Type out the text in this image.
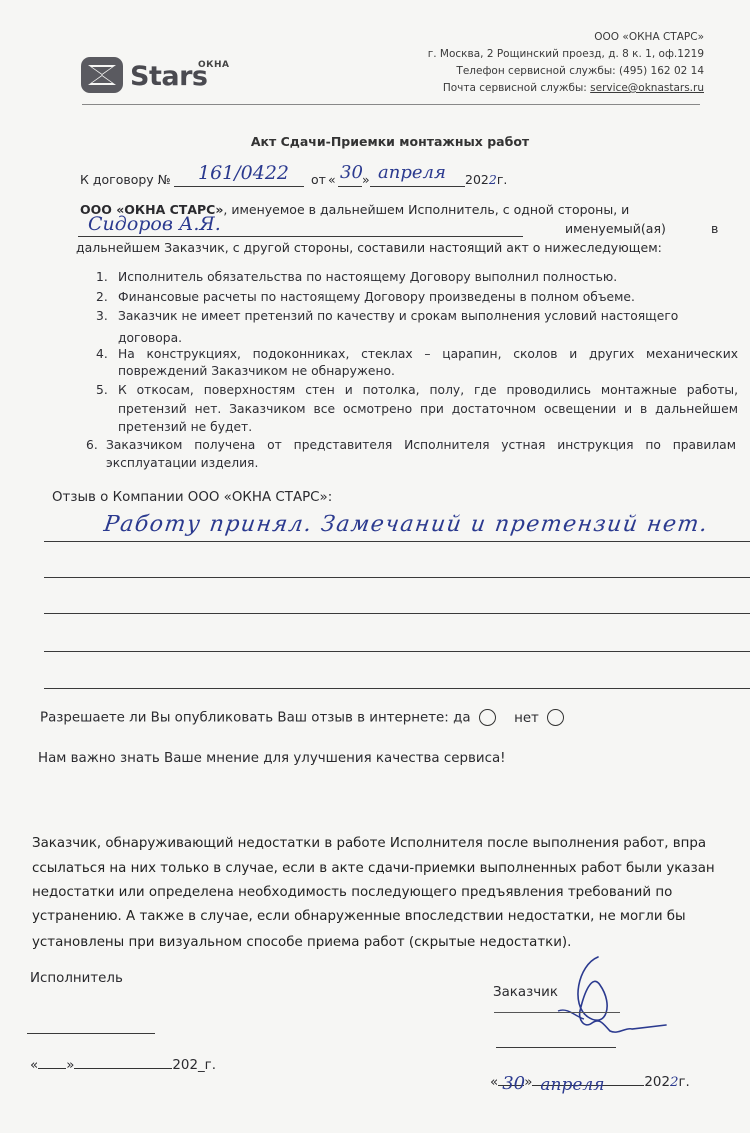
Stars
ОКНА
ООО «ОКНА СТАРС»
г. Москва, 2 Рощинский проезд, д. 8 к. 1, оф.1219
Телефон сервисной службы: (495) 162 02 14
Почта сервисной службы: service@oknastars.ru
Акт Сдачи-Приемки монтажных работ
К договору № 161/0422 от « 30 » апреля 2022г.
ООО «ОКНА СТАРС», именуемое в дальнейшем Исполнитель, с одной стороны, и
Сидоров А.Я.	именуемый(ая)	в
дальнейшем Заказчик, с другой стороны, составили настоящий акт о нижеследующем:
1. Исполнитель обязательства по настоящему Договору выполнил полностью.
2. Финансовые расчеты по настоящему Договору произведены в полном объеме.
3. Заказчик не имеет претензий по качеству и срокам выполнения условий настоящего
договора.
4. На конструкциях, подоконниках, стеклах – царапин, сколов и других механических
повреждений Заказчиком не обнаружено.
5. К откосам, поверхностям стен и потолка, полу, где проводились монтажные работы,
претензий нет. Заказчиком все осмотрено при достаточном освещении и в дальнейшем
претензий не будет.
6. Заказчиком получена от представителя Исполнителя устная инструкция по правилам
эксплуатации изделия.
Отзыв о Компании ООО «ОКНА СТАРС»:
Работу принял. Замечаний и претензий нет.
Разрешаете ли Вы опубликовать Ваш отзыв в интернете: да	нет
Нам важно знать Ваше мнение для улучшения качества сервиса!
Заказчик, обнаруживающий недостатки в работе Исполнителя после выполнения работ, впра
ссылаться на них только в случае, если в акте сдачи-приемки выполненных работ были указан
недостатки или определена необходимость последующего предъявления требований по
устранению. А также в случае, если обнаруженные впоследствии недостатки, не могли бы
установлены при визуальном способе приема работ (скрытые недостатки).
Исполнитель
« »	202_г.
Заказчик
« 30 » апреля	2022г.
